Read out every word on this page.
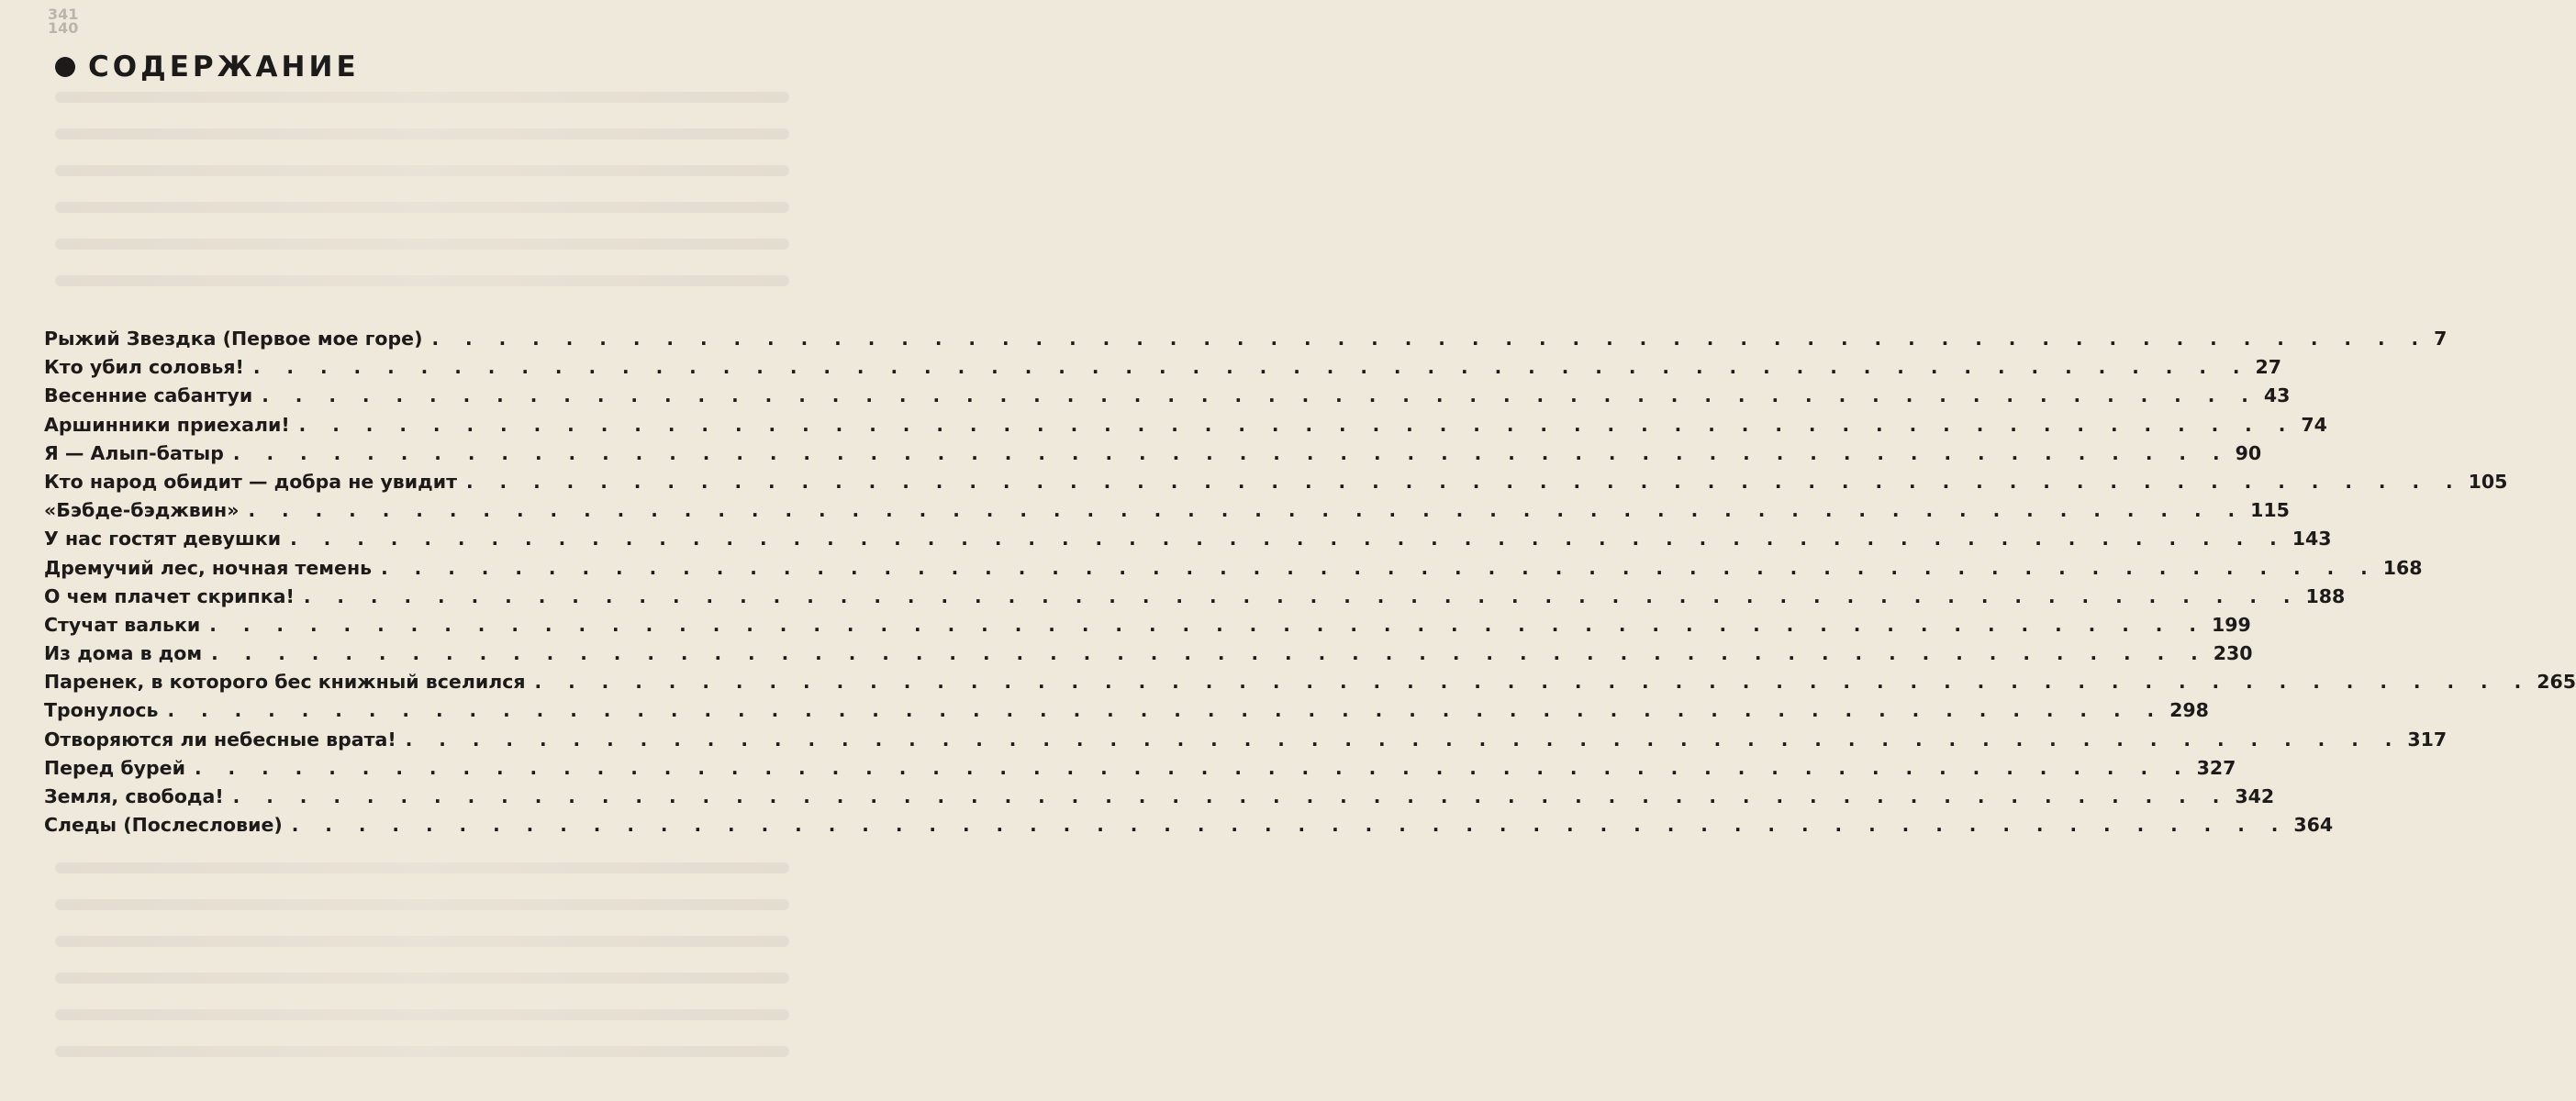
341
140
СОДЕРЖАНИЕ
Рыжий Звездка (Первое мое горе) . . . . . . . . . . . . . . . . . . . . . . . . . . . . . . . . . . . . . . . . . . . . . . . . . . . . . . . . . . . . 7
Кто убил соловья! . . . . . . . . . . . . . . . . . . . . . . . . . . . . . . . . . . . . . . . . . . . . . . . . . . . . . . . . . . . . 27
Весенние сабантуи . . . . . . . . . . . . . . . . . . . . . . . . . . . . . . . . . . . . . . . . . . . . . . . . . . . . . . . . . . . . 43
Аршинники приехали! . . . . . . . . . . . . . . . . . . . . . . . . . . . . . . . . . . . . . . . . . . . . . . . . . . . . . . . . . . . . 74
Я — Алып-батыр . . . . . . . . . . . . . . . . . . . . . . . . . . . . . . . . . . . . . . . . . . . . . . . . . . . . . . . . . . . . 90
Кто народ обидит — добра не увидит . . . . . . . . . . . . . . . . . . . . . . . . . . . . . . . . . . . . . . . . . . . . . . . . . . . . . . . . . . . . 105
«Бэбде-бэджвин» . . . . . . . . . . . . . . . . . . . . . . . . . . . . . . . . . . . . . . . . . . . . . . . . . . . . . . . . . . . . 115
У нас гостят девушки . . . . . . . . . . . . . . . . . . . . . . . . . . . . . . . . . . . . . . . . . . . . . . . . . . . . . . . . . . . . 143
Дремучий лес, ночная темень . . . . . . . . . . . . . . . . . . . . . . . . . . . . . . . . . . . . . . . . . . . . . . . . . . . . . . . . . . . . 168
О чем плачет скрипка! . . . . . . . . . . . . . . . . . . . . . . . . . . . . . . . . . . . . . . . . . . . . . . . . . . . . . . . . . . . . 188
Стучат вальки . . . . . . . . . . . . . . . . . . . . . . . . . . . . . . . . . . . . . . . . . . . . . . . . . . . . . . . . . . . . 199
Из дома в дом . . . . . . . . . . . . . . . . . . . . . . . . . . . . . . . . . . . . . . . . . . . . . . . . . . . . . . . . . . . . 230
Паренек, в которого бес книжный вселился . . . . . . . . . . . . . . . . . . . . . . . . . . . . . . . . . . . . . . . . . . . . . . . . . . . . . . . . . . . . 265
Тронулось . . . . . . . . . . . . . . . . . . . . . . . . . . . . . . . . . . . . . . . . . . . . . . . . . . . . . . . . . . . . 298
Отворяются ли небесные врата! . . . . . . . . . . . . . . . . . . . . . . . . . . . . . . . . . . . . . . . . . . . . . . . . . . . . . . . . . . . . 317
Перед бурей . . . . . . . . . . . . . . . . . . . . . . . . . . . . . . . . . . . . . . . . . . . . . . . . . . . . . . . . . . . . 327
Земля, свобода! . . . . . . . . . . . . . . . . . . . . . . . . . . . . . . . . . . . . . . . . . . . . . . . . . . . . . . . . . . . . 342
Следы (Послесловие) . . . . . . . . . . . . . . . . . . . . . . . . . . . . . . . . . . . . . . . . . . . . . . . . . . . . . . . . . . . . 364
